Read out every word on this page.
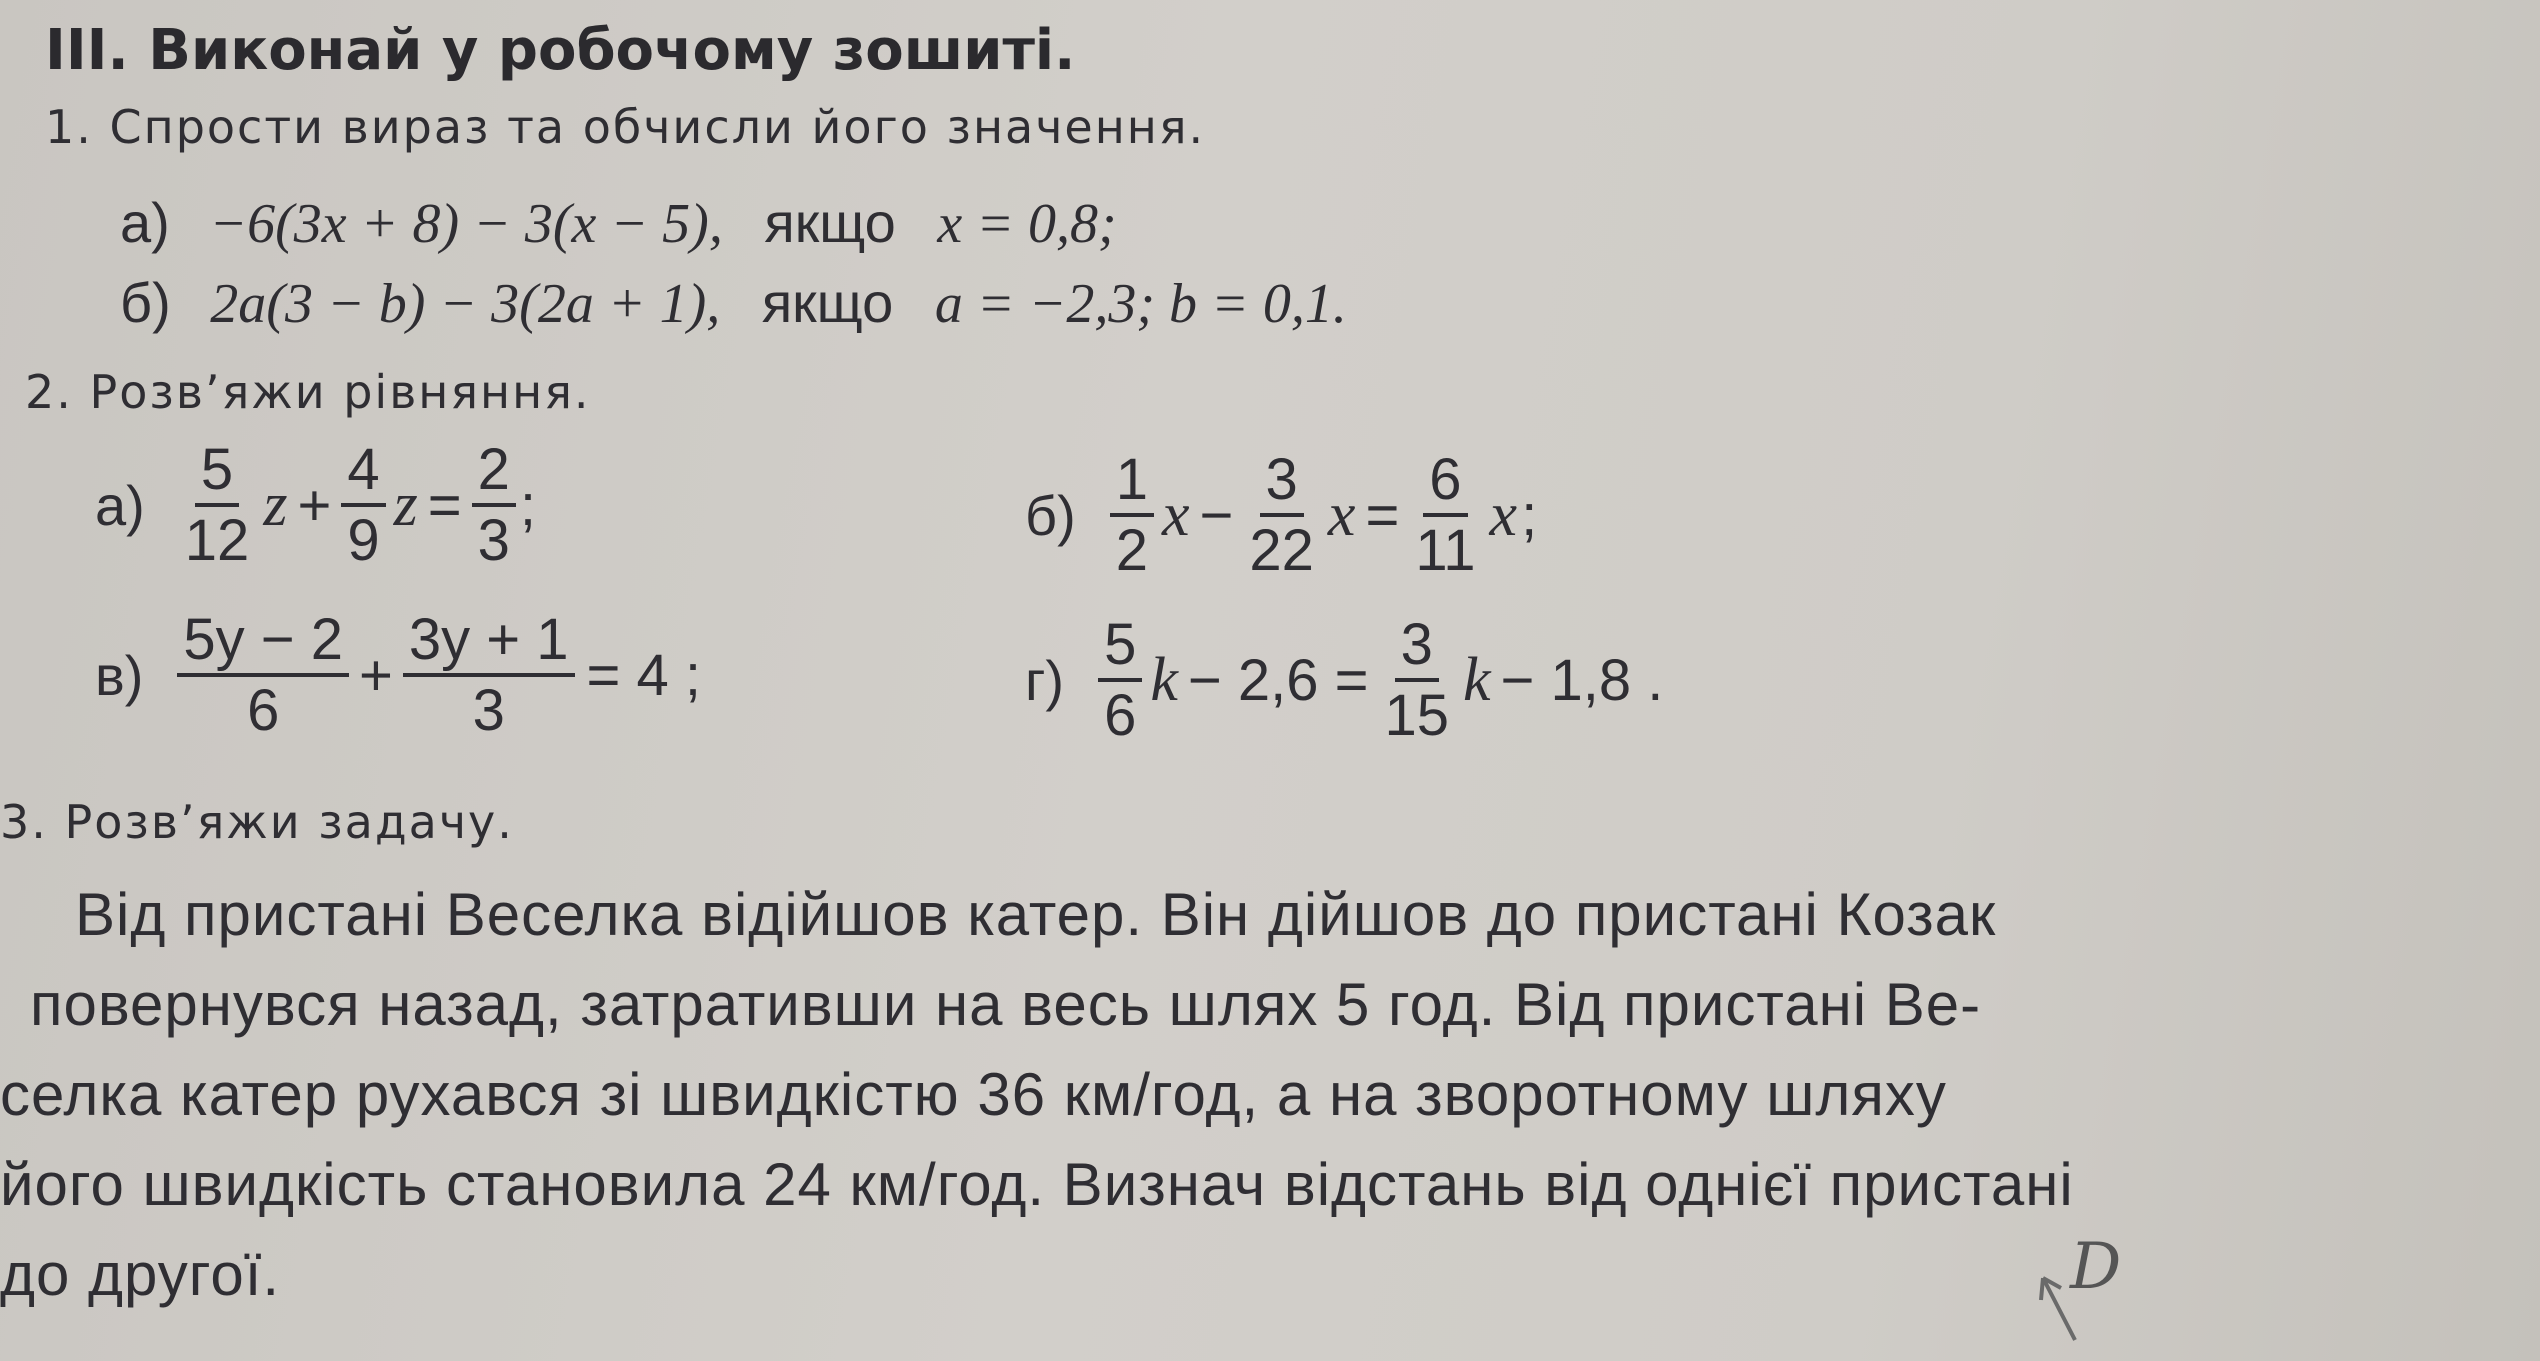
ІІІ. Виконай у робочому зошиті.
1. Спрости вираз та обчисли його значення.
а) −6(3x + 8) − 3(x − 5), якщо x = 0,8;
б) 2a(3 − b) − 3(2a + 1), якщо a = −2,3; b = 0,1.
2. Розв’яжи рівняння.
$а) \frac{5}{12}$ $z + \frac{4}{9}$ $z = \frac{2}{3}$ ;	$б) \frac{1}{2}$ $x - \frac{3}{22}$ $x = \frac{6}{11}$ x ;
$в) \frac{5y - 2}{6} + \frac{3y + 1}{3} = 4$ ;	$г) \frac{5}{6}$ $k - 2,6 = \frac{3}{15}$ k − 1,8 .
3. Розв’яжи задачу.
Від пристані Веселка відійшов катер. Він дійшов до пристані Козак
повернувся назад, затративши на весь шлях 5 год. Від пристані Ве-
селка катер рухався зі швидкістю 36 км/год, а на зворотному шляху
його швидкість становила 24 км/год. Визнач відстань від однієї пристані
до другої.	D
